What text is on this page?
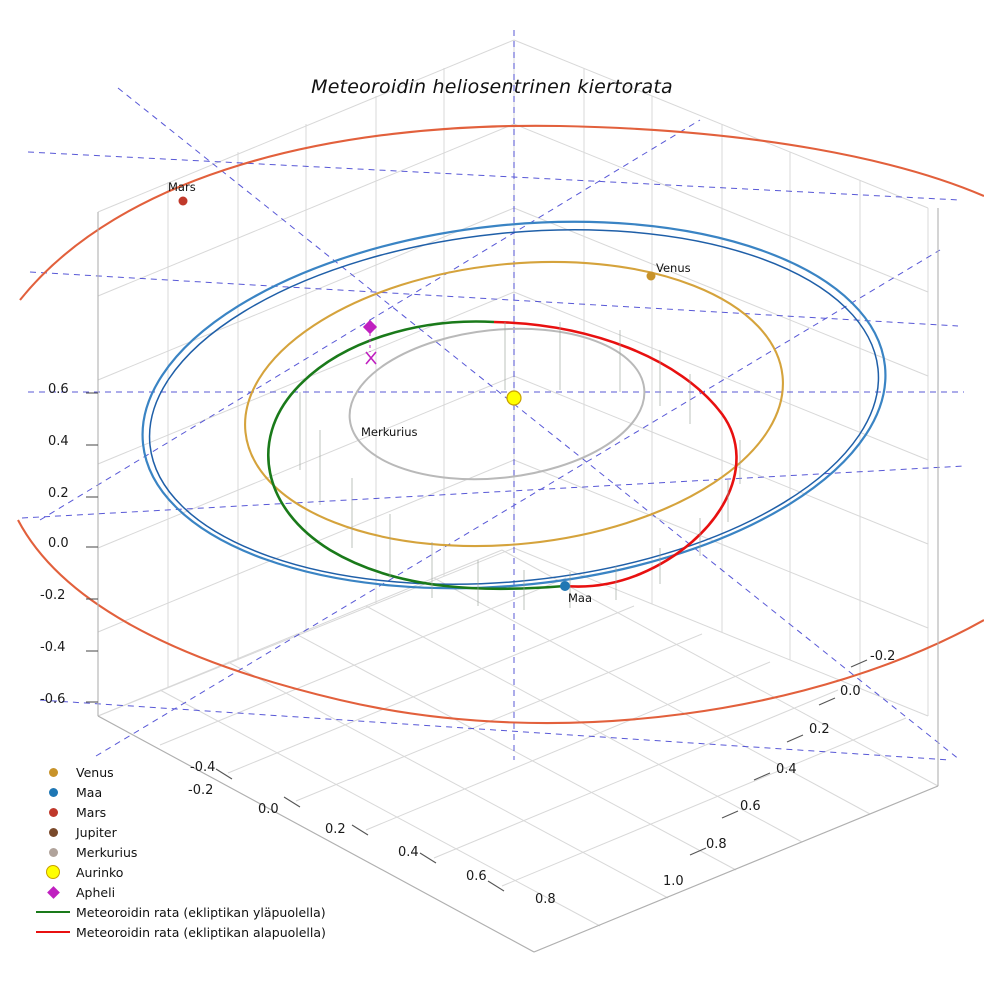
Meteoroidin heliosentrinen kiertorata
0.6
0.4
0.2
0.0
-0.2
-0.4
-0.6
-0.4
-0.2
0.0
0.2
0.4
0.6
0.8
-0.2
0.0
0.2
0.4
0.6
0.8
1.0
Mars
Venus
Merkurius
Maa
Venus
Maa
Mars
Jupiter
Merkurius
Aurinko
Apheli
Meteoroidin rata (ekliptikan yläpuolella)
Meteoroidin rata (ekliptikan alapuolella)
